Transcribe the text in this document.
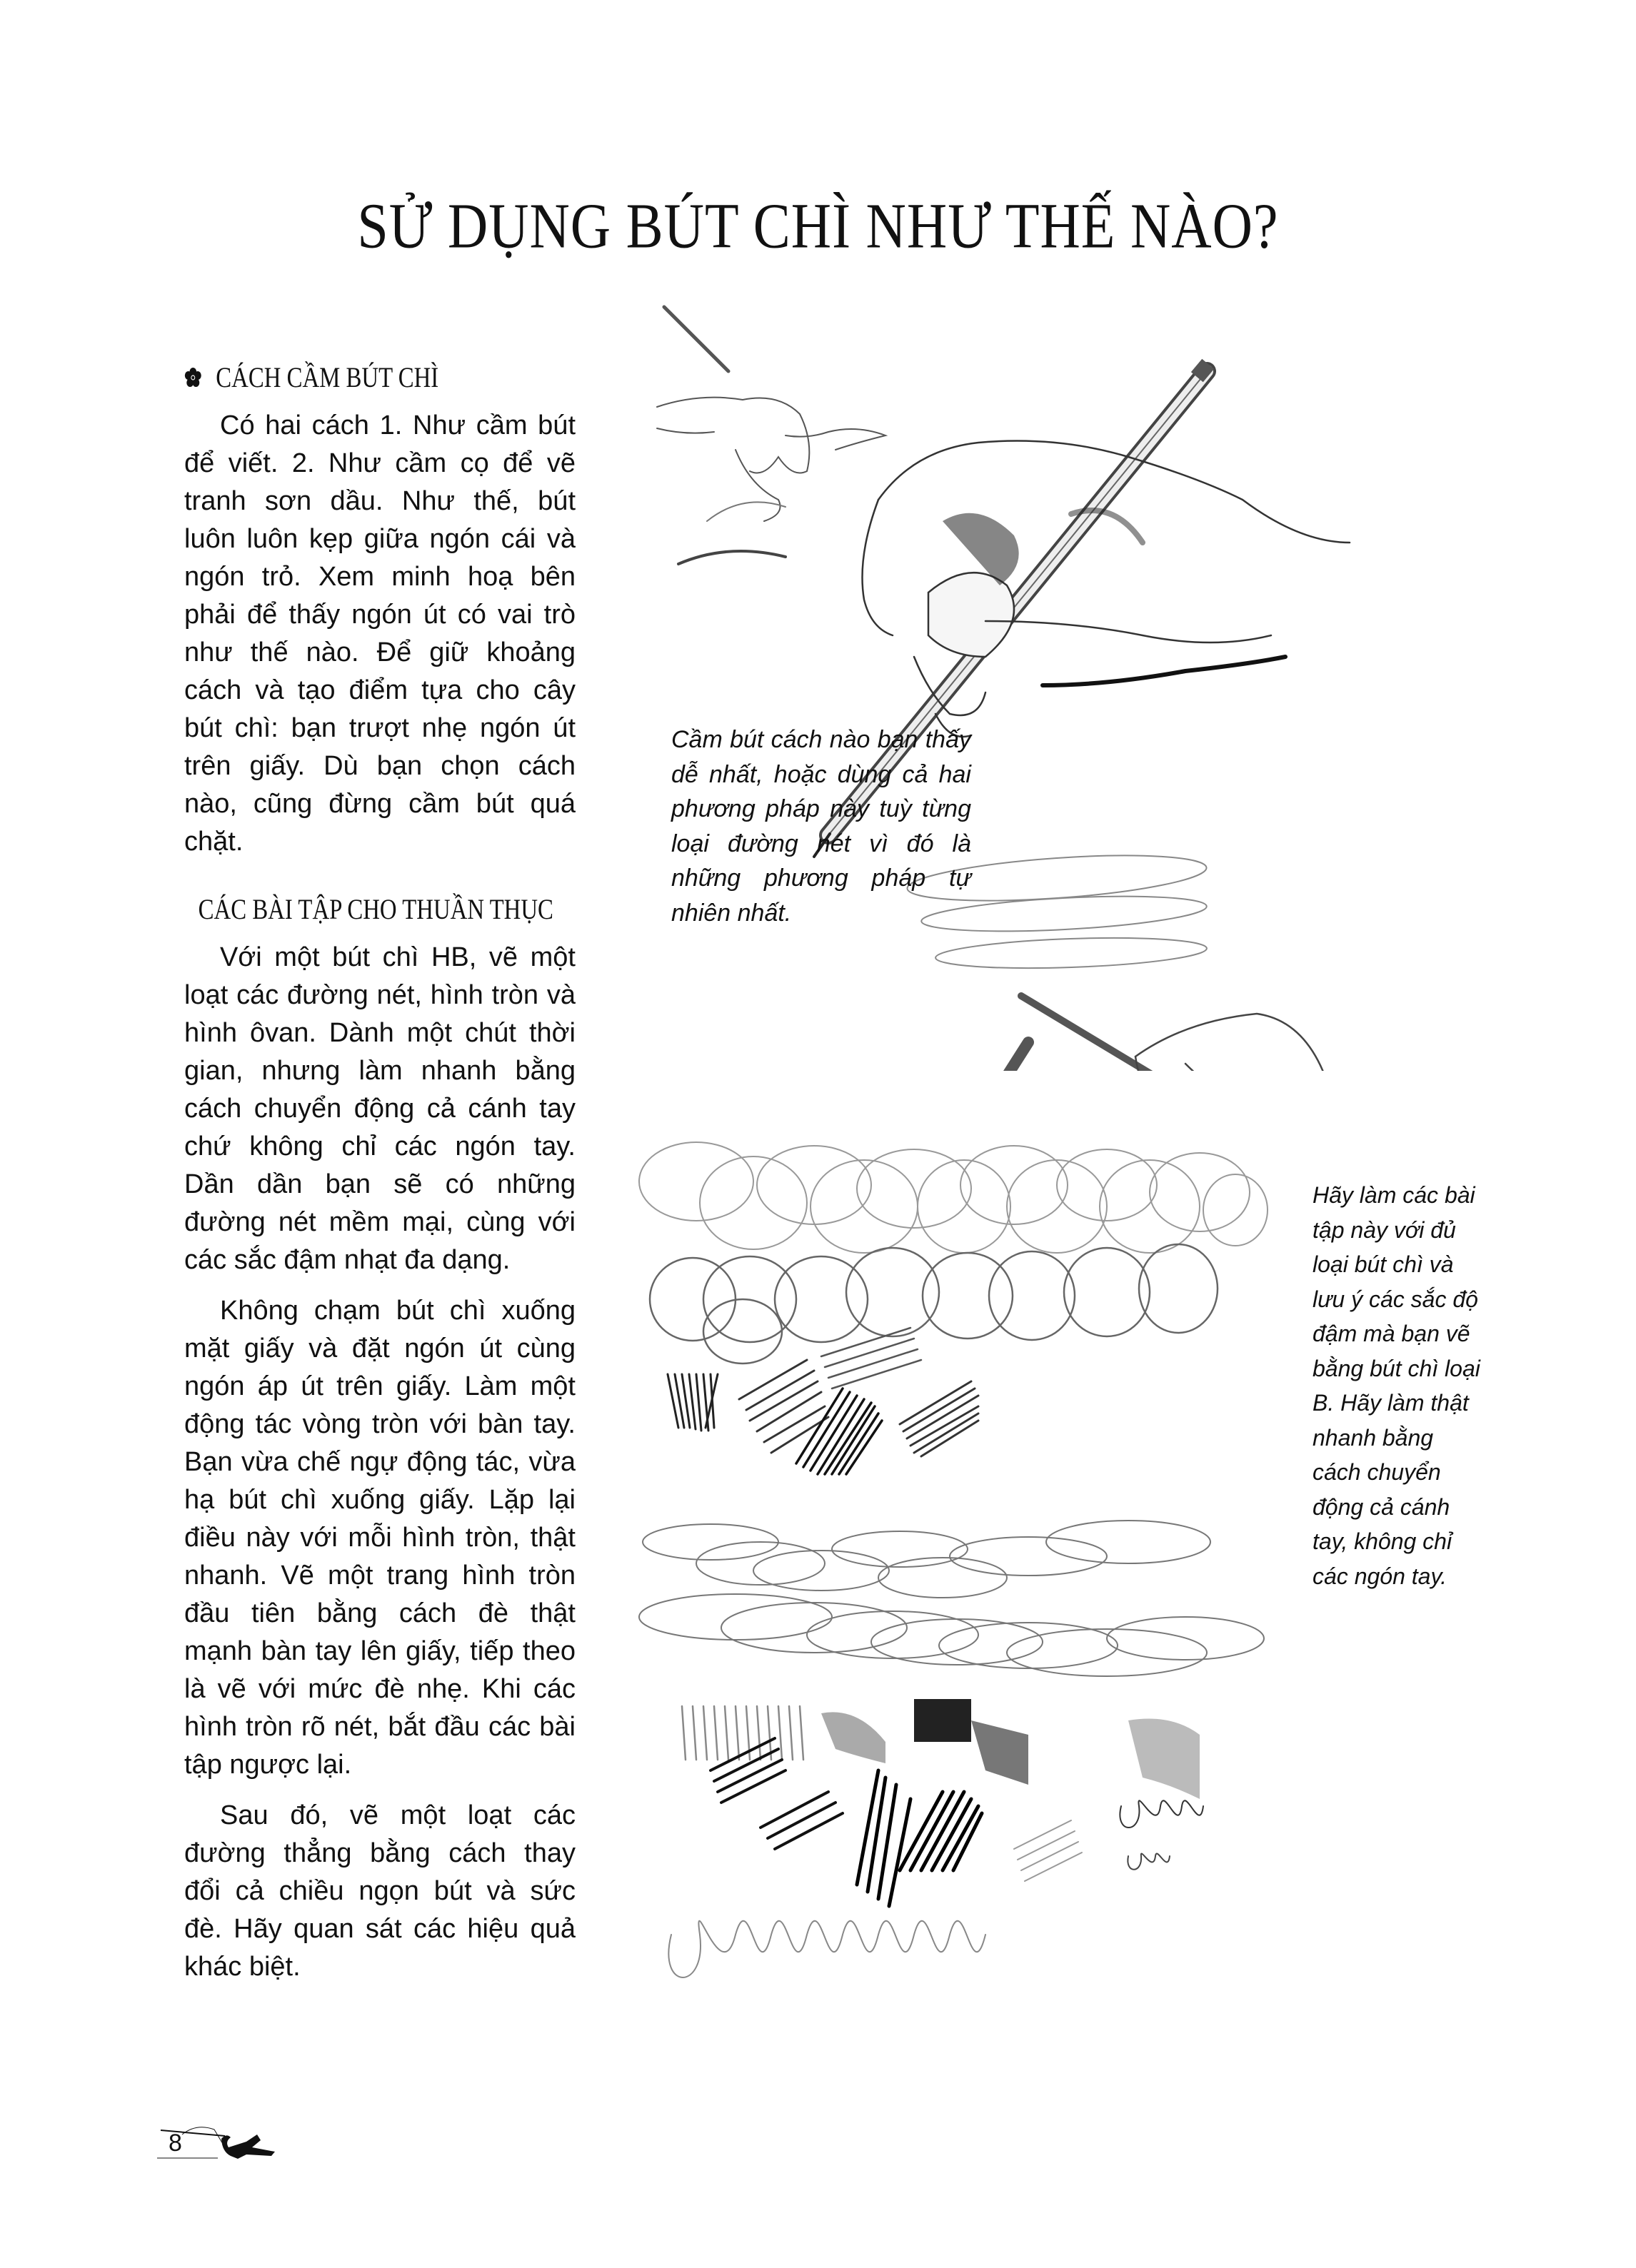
SỬ DỤNG BÚT CHÌ NHƯ THẾ NÀO?
CÁCH CẦM BÚT CHÌ

Có hai cách 1. Như cầm bút để viết. 2. Như cầm cọ để vẽ tranh sơn dầu. Như thế, bút luôn luôn kẹp giữa ngón cái và ngón trỏ. Xem minh hoạ bên phải để thấy ngón út có vai trò như thế nào. Để giữ khoảng cách và tạo điểm tựa cho cây bút chì: bạn trượt nhẹ ngón út trên giấy. Dù bạn chọn cách nào, cũng đừng cầm bút quá chặt.

CÁC BÀI TẬP CHO THUẦN THỤC

Với một bút chì HB, vẽ một loạt các đường nét, hình tròn và hình ôvan. Dành một chút thời gian, nhưng làm nhanh bằng cách chuyển động cả cánh tay chứ không chỉ các ngón tay. Dần dần bạn sẽ có những đường nét mềm mại, cùng với các sắc đậm nhạt đa dạng.

Không chạm bút chì xuống mặt giấy và đặt ngón út cùng ngón áp út trên giấy. Làm một động tác vòng tròn với bàn tay. Bạn vừa chế ngự động tác, vừa hạ bút chì xuống giấy. Lặp lại điều này với mỗi hình tròn, thật nhanh. Vẽ một trang hình tròn đầu tiên bằng cách đè thật mạnh bàn tay lên giấy, tiếp theo là vẽ với mức đè nhẹ. Khi các hình tròn rõ nét, bắt đầu các bài tập ngược lại.

Sau đó, vẽ một loạt các đường thẳng bằng cách thay đổi cả chiều ngọn bút và sức đè. Hãy quan sát các hiệu quả khác biệt.

Cầm bút cách nào bạn thấy dễ nhất, hoặc dùng cả hai phương pháp này tuỳ từng loại đường nét vì đó là những phương pháp tự nhiên nhất.

Hãy làm các bài tập này với đủ loại bút chì và lưu ý các sắc độ đậm mà bạn vẽ bằng bút chì loại B. Hãy làm thật nhanh bằng cách chuyển động cả cánh tay, không chỉ các ngón tay.

8
